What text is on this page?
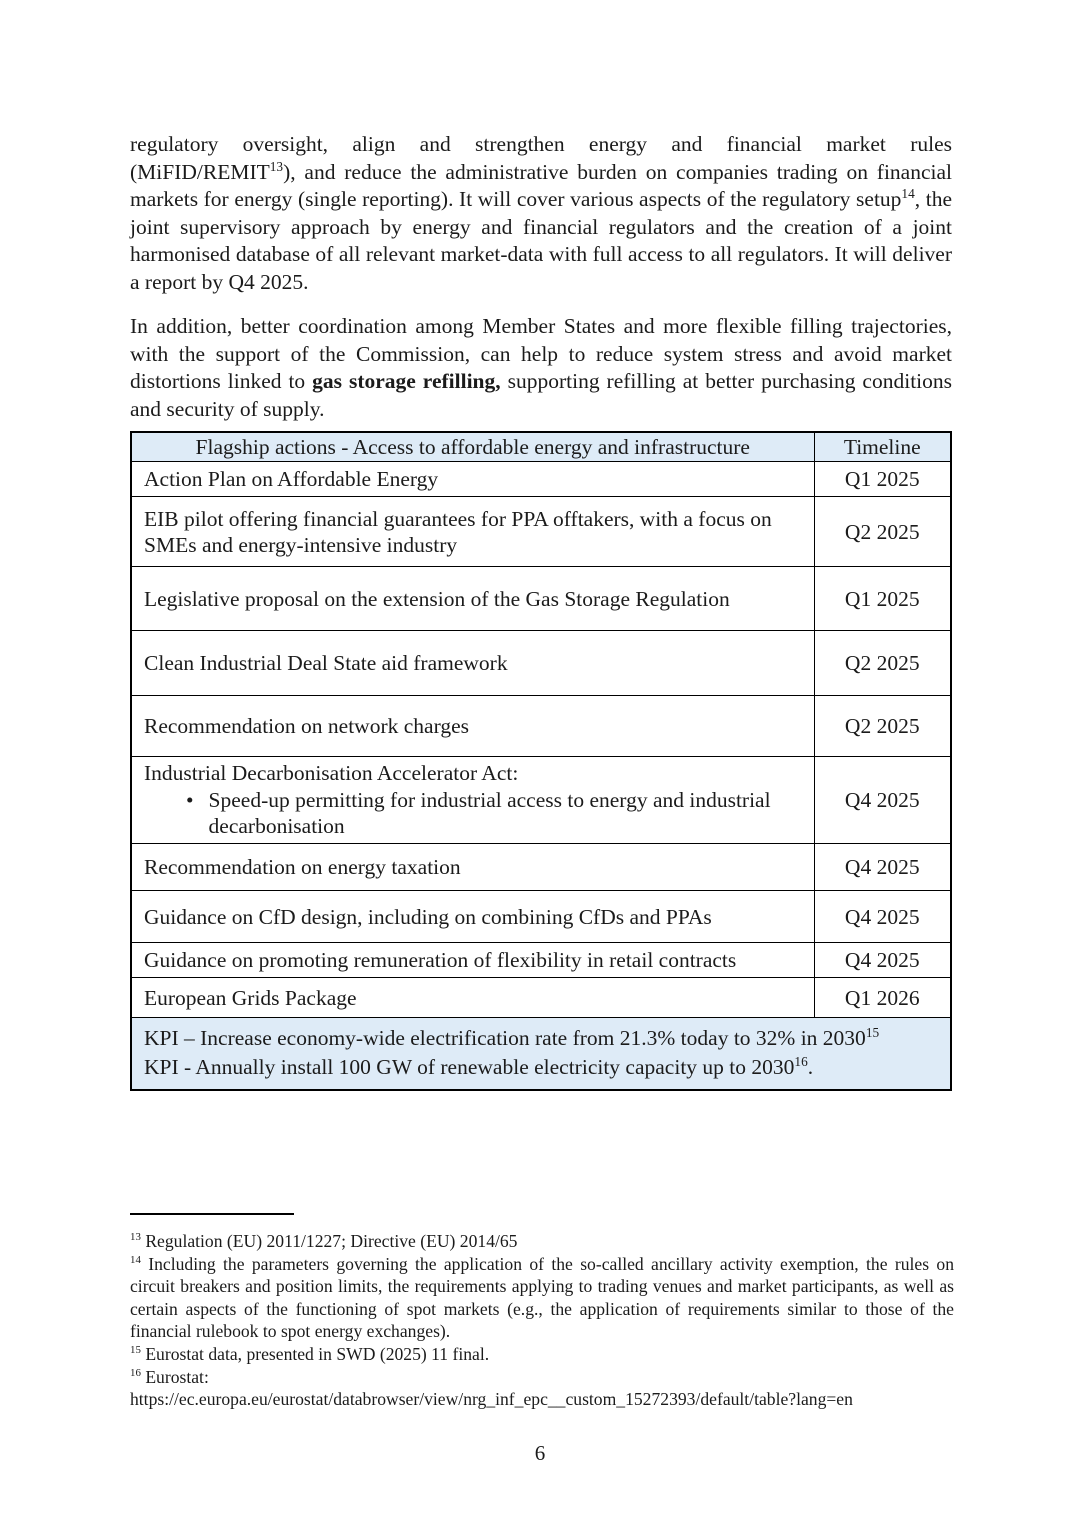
regulatory oversight, align and strengthen energy and financial market rules (MiFID/REMIT$^{13}$), and reduce the administrative burden on companies trading on financial markets for energy (single reporting). It will cover various aspects of the regulatory setup$^{14}$, the joint supervisory approach by energy and financial regulators and the creation of a joint harmonised database of all relevant market-data with full access to all regulators. It will deliver a report by Q4 2025.

In addition, better coordination among Member States and more flexible filling trajectories, with the support of the Commission, can help to reduce system stress and avoid market distortions linked to gas storage refilling, supporting refilling at better purchasing conditions and security of supply.

Flagship actions - Access to affordable energy and infrastructure	Timeline
Action Plan on Affordable Energy	Q1 2025
EIB pilot offering financial guarantees for PPA offtakers, with a focus on SMEs and energy-intensive industry	Q2 2025
Legislative proposal on the extension of the Gas Storage Regulation	Q1 2025
Clean Industrial Deal State aid framework	Q2 2025
Recommendation on network charges	Q2 2025

Industrial Decarbonisation Accelerator Act:
• Speed-up permitting for industrial access to energy and industrial decarbonisation	Q4 2025
Recommendation on energy taxation	Q4 2025
Guidance on CfD design, including on combining CfDs and PPAs	Q4 2025
Guidance on promoting remuneration of flexibility in retail contracts	Q4 2025
European Grids Package	Q1 2026

KPI – Increase economy-wide electrification rate from 21.3% today to 32% in 2030$^{15}$
KPI - Annually install 100 GW of renewable electricity capacity up to 2030$^{16}$.	
$^{13}$ Regulation (EU) 2011/1227; Directive (EU) 2014/65
$^{14}$ Including the parameters governing the application of the so-called ancillary activity exemption, the rules on circuit breakers and position limits, the requirements applying to trading venues and market participants, as well as certain aspects of the functioning of spot markets (e.g., the application of requirements similar to those of the financial rulebook to spot energy exchanges).
$^{15}$ Eurostat data, presented in SWD (2025) 11 final.
$^{16}$ Eurostat:
https://ec.europa.eu/eurostat/databrowser/view/nrg_inf_epc__custom_15272393/default/table?lang=en
6
